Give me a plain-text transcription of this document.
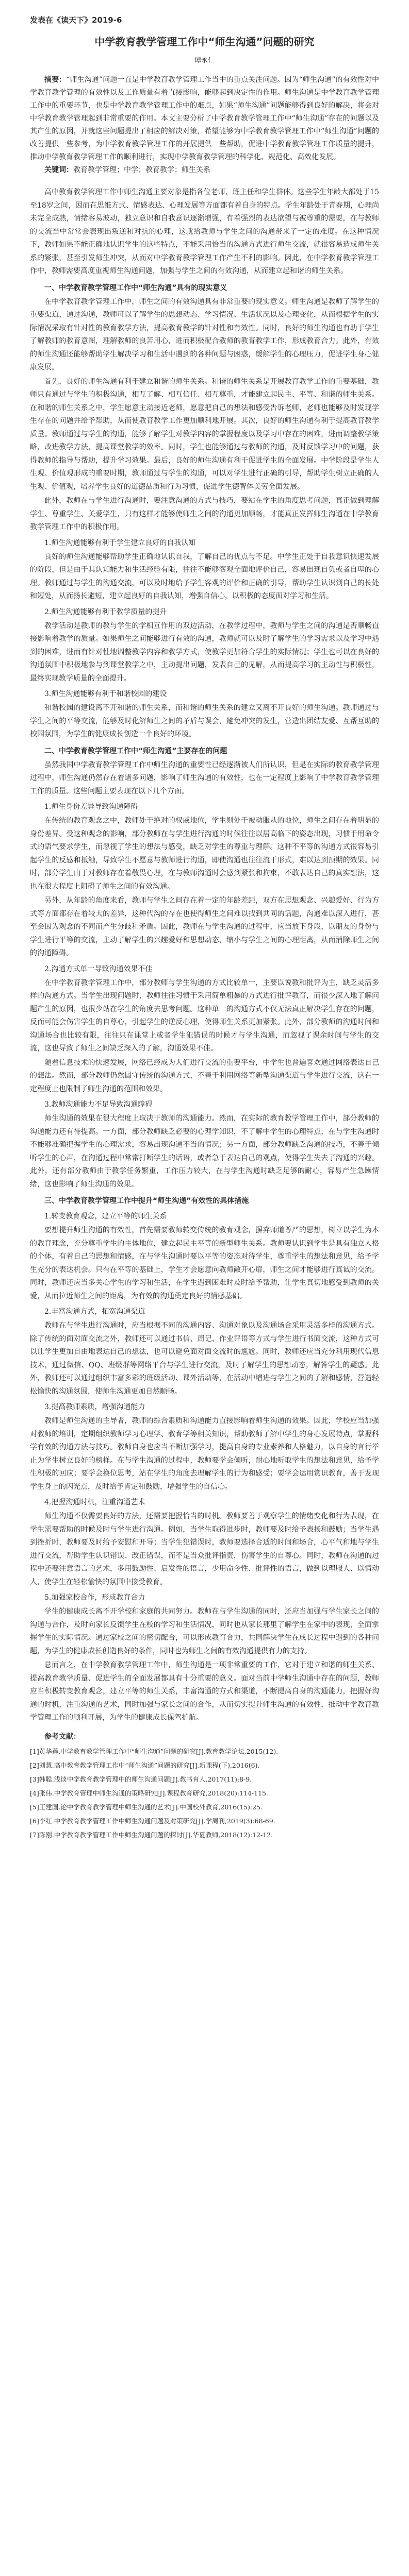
发表在《读天下》2019-6
中学教育教学管理工作中“师生沟通”问题的研究
谭永仁

摘要：“师生沟通”问题一直是中学教育教学管理工作当中的重点关注问题。因为“师生沟通”的有效性对中学教育教学管理的有效性以及工作质量有着直接影响，能够起到决定性的作用。师生沟通是中学教育教学管理工作中的重要环节，也是中学教育教学管理工作中的难点，如果“师生沟通”问题能够得到良好的解决，将会对中学教育教学管理起到非常重要的作用。本文主要分析了中学教育教学管理工作中“师生沟通”存在的问题以及其产生的原因，并就这些问题提出了相应的解决对策，希望能够为中学教育教学管理工作中“师生沟通”问题的改善提供一些参考，为中学教育教学管理工作的开展提供一些帮助，促进中学教育教学管理工作质量的提升，推动中学教育教学管理工作的顺利进行，实现中学教育教学管理的科学化、规范化、高效化发展。

关键词：教育教学管理；中学；教育教学；师生关系

高中教育教学管理工作中师生沟通主要对象是指各位老师、班主任和学生群体。这些学生年龄大都处于15至18岁之间，因而在思维方式、情感表达、心理发展等方面都有着自身的特点。学生年龄处于青春期，心理尚未完全成熟，情绪容易波动，独立意识和自我意识逐渐增强，有着强烈的表达欲望与被尊重的需要，在与教师的交流当中常常会表现出叛逆和对抗的心理，这就给教师与学生之间的沟通带来了一定的难度。在这种情况下，教师如果不能正确地认识学生的这些特点，不能采用恰当的沟通方式进行师生交流，就很容易造成师生关系的紧张，甚至引发师生冲突，从而对中学教育教学管理工作产生不利的影响。因此，在中学教育教学管理工作中，教师需要高度重视师生沟通问题，加强与学生之间的有效沟通，从而建立起和谐的师生关系。

一、中学教育教学管理工作中“师生沟通”具有的现实意义

在中学教育教学管理工作中，师生之间的有效沟通具有非常重要的现实意义。师生沟通是教师了解学生的重要渠道，通过沟通，教师可以了解学生的思想动态、学习情况、生活状况以及心理变化，从而根据学生的实际情况采取有针对性的教育教学方法，提高教育教学的针对性和有效性。同时，良好的师生沟通也有助于学生了解教师的教育意图，理解教师的良苦用心，进而积极配合教师的教育教学工作，形成教育合力。此外，有效的师生沟通还能够帮助学生解决学习和生活中遇到的各种问题与困惑，缓解学生的心理压力，促进学生身心健康发展。

首先，良好的师生沟通有利于建立和谐的师生关系。和谐的师生关系是开展教育教学工作的重要基础，教师只有通过与学生的积极沟通，相互了解、相互信任、相互尊重，才能建立起民主、平等、和谐的师生关系。在和谐的师生关系之中，学生愿意主动接近老师，愿意把自己的想法和感受告诉老师，老师也能够及时发现学生存在的问题并给予帮助，从而使教育教学工作更加顺利地开展。其次，良好的师生沟通有利于提高教育教学质量。教师通过与学生的沟通，能够了解学生对教学内容的掌握程度以及学习中存在的困难，进而调整教学策略，改进教学方法，提高课堂教学的效率。同时，学生也能够通过与教师的沟通，及时反馈学习中的问题，获得教师的指导与帮助，提升学习效果。最后，良好的师生沟通有利于促进学生的全面发展。中学阶段是学生人生观、价值观形成的重要时期，教师通过与学生的沟通，可以对学生进行正确的引导，帮助学生树立正确的人生观、价值观，培养学生良好的道德品质和行为习惯，促进学生德智体美劳全面发展。

此外，教师在与学生进行沟通时，要注意沟通的方式与技巧，要站在学生的角度思考问题，真正做到理解学生、尊重学生、关爱学生，只有这样才能够使师生之间的沟通更加顺畅，才能真正发挥师生沟通在中学教育教学管理工作中的积极作用。

1.师生沟通能够有利于学生建立良好的自我认知

良好的师生沟通能够帮助学生正确地认识自我，了解自己的优点与不足。中学生正处于自我意识快速发展的阶段，但是由于其认知能力和生活经验有限，往往不能够客观全面地评价自己，容易出现自负或者自卑的心理。教师通过与学生的沟通交流，可以及时地给予学生客观的评价和正确的引导，帮助学生认识到自己的长处和短处，从而扬长避短，建立起良好的自我认知，增强自信心，以积极的态度面对学习和生活。

2.师生沟通能够有利于教学质量的提升

教学活动是教师的教与学生的学相互作用的双边活动，在教学过程中，教师与学生之间的沟通是否顺畅直接影响着教学的质量。如果师生之间能够进行有效的沟通，教师就可以及时了解学生的学习需求以及学习中遇到的困难，进而有针对性地调整教学内容和教学方式，使教学更加符合学生的实际情况；学生也可以在良好的沟通氛围中积极地参与到课堂教学之中，主动提出问题，发表自己的见解，从而提高学习的主动性与积极性，最终实现教学质量的全面提升。

3.师生沟通能够有利于和谐校园的建设

和谐校园的建设离不开和谐的师生关系，而和谐的师生关系的建立又离不开良好的师生沟通。教师通过与学生之间的平等交流，能够及时化解师生之间的矛盾与误会，避免冲突的发生，营造出团结友爱、互帮互助的校园氛围，为学生的健康成长创造一个良好的环境。

二、中学教育教学管理工作中“师生沟通”主要存在的问题

虽然我国中学教育教学管理工作中师生沟通的重要性已经逐渐被人们所认识，但是在实际的教育教学管理过程中，师生沟通仍然存在着诸多问题，影响了师生沟通的有效性，也在一定程度上影响了中学教育教学管理工作的质量。这些问题主要表现在以下几个方面。

1.师生身份差异导致沟通障碍

在传统的教育观念之中，教师处于绝对的权威地位，学生则处于被动服从的地位，师生之间存在着明显的身份差异。受这种观念的影响，部分教师在与学生进行沟通的时候往往以居高临下的姿态出现，习惯于用命令式的语气要求学生，而忽视了学生的想法与感受，缺乏对学生的尊重与理解。这种不平等的沟通方式很容易引起学生的反感和抵触，导致学生不愿意与教师进行沟通，即使沟通也往往流于形式，难以达到预期的效果。同时，部分学生由于对教师存在着敬畏心理，在与教师沟通时会感到紧张和拘束，不敢表达自己的真实想法，这也在很大程度上阻碍了师生之间的有效沟通。

另外，从年龄的角度来看，教师与学生之间存在着一定的年龄差距，双方在思想观念、兴趣爱好、行为方式等方面都存在着较大的差异，这种代沟的存在也使得师生之间难以找到共同的话题，沟通难以深入进行，甚至会因为观念的不同而产生分歧和矛盾。因此，教师在与学生沟通的过程中，应当放下身段，以朋友的身份与学生进行平等的交流，主动了解学生的兴趣爱好和思想动态，缩小与学生之间的心理距离，从而消除师生之间的沟通障碍。

2.沟通方式单一导致沟通效果不佳

在中学教育教学管理工作中，部分教师与学生沟通的方式比较单一，主要以说教和批评为主，缺乏灵活多样的沟通方式。当学生出现问题时，教师往往习惯于采用简单粗暴的方式进行批评教育，而很少深入地了解问题产生的原因，也很少站在学生的角度去思考问题。这种单一的沟通方式不仅无法真正解决学生存在的问题，反而可能会伤害学生的自尊心，引起学生的逆反心理，使得师生关系更加紧张。此外，部分教师的沟通时间和沟通场合也比较有限，往往只在课堂上或者学生犯错误的时候才与学生沟通，而忽视了课余时间与学生的交流，这也导致了师生之间缺乏深入的了解，沟通效果不佳。

随着信息技术的快速发展，网络已经成为人们进行交流的重要平台，中学生也普遍喜欢通过网络表达自己的想法。然而，部分教师仍然固守传统的沟通方式，不善于利用网络等新型沟通渠道与学生进行交流，这在一定程度上也限制了师生沟通的范围和效果。

3.教师沟通能力不足导致沟通障碍

师生沟通的效果在很大程度上取决于教师的沟通能力。然而，在实际的教育教学管理工作中，部分教师的沟通能力还有待提高。一方面，部分教师缺乏必要的心理学知识，不了解中学生的心理特点，在与学生沟通时不能够准确把握学生的心理需求，容易出现沟通不当的情况；另一方面，部分教师缺乏沟通的技巧，不善于倾听学生的心声，在沟通过程中常常打断学生的话语，或者急于表达自己的观点，使得学生失去了沟通的兴趣。此外，还有部分教师由于教学任务繁重，工作压力较大，在与学生沟通时缺乏足够的耐心，容易产生急躁情绪，这也影响了师生沟通的效果。

三、中学教育教学管理工作中提升“师生沟通”有效性的具体措施
1.转变教育观念，建立平等的师生关系

要想提升师生沟通的有效性，首先需要教师转变传统的教育观念，摒弃师道尊严的思想，树立以学生为本的教育理念，充分尊重学生的主体地位，建立起民主平等的新型师生关系。教师要认识到学生是具有独立人格的个体，有着自己的思想和情感，在与学生沟通时要以平等的姿态对待学生，尊重学生的想法和意见，给予学生充分的表达机会。只有在平等的基础上，学生才会愿意向教师敞开心扉，师生之间才能够进行真诚的交流。同时，教师还应当多关心学生的学习和生活，在学生遇到困难时及时给予帮助，让学生真切地感受到教师的关爱，从而拉近师生之间的距离，为有效的沟通奠定良好的情感基础。

2.丰富沟通方式，拓宽沟通渠道

教师在与学生进行沟通时，应当根据不同的沟通内容、沟通对象以及沟通场合采用灵活多样的沟通方式。除了传统的面对面交流之外，教师还可以通过书信、周记、作业评语等方式与学生进行书面交流，这种方式可以让学生更加自由地表达自己的想法，也可以避免面对面交流时的尴尬。同时，教师还应当充分利用现代信息技术，通过微信、QQ、班级群等网络平台与学生进行交流，及时了解学生的思想动态，解答学生的疑惑。此外，教师还可以通过组织丰富多彩的班级活动、课外活动等，在活动中增进与学生之间的了解和感情，营造轻松愉快的沟通氛围，使师生沟通更加自然顺畅。

3.提高教师素质，增强沟通能力

教师是师生沟通的主导者，教师的综合素质和沟通能力直接影响着师生沟通的效果。因此，学校应当加强对教师的培训，定期组织教师学习心理学、教育学等相关知识，帮助教师了解中学生的身心发展特点，掌握科学有效的沟通方法与技巧。教师自身也应当不断加强学习，提高自身的专业素养和人格魅力，以自身的言行举止为学生树立良好的榜样。在与学生沟通的过程中，教师要学会倾听，耐心地听取学生的想法和意见，给予学生积极的回应；要学会换位思考，站在学生的角度去理解学生的行为和感受；要学会运用赏识教育，善于发现学生身上的闪光点，及时给予肯定和鼓励，增强学生的自信心。

4.把握沟通时机，注重沟通艺术

师生沟通不仅需要良好的方法，还需要把握恰当的时机。教师要善于观察学生的情绪变化和行为表现，在学生需要帮助的时候及时与学生进行沟通。例如，当学生取得进步时，教师要及时给予表扬和鼓励；当学生遇到挫折时，教师要及时给予安慰和开导；当学生犯错误时，教师要选择合适的时间和场合，心平气和地与学生进行交流，帮助学生认识错误、改正错误，而不是当众批评指责，伤害学生的自尊心。同时，教师在沟通的过程中还要注意语言的艺术，多用鼓励性、启发性的语言，少用命令性、批评性的语言，做到以理服人、以情动人，使学生在轻松愉快的氛围中接受教育。

5.加强家校合作，形成教育合力

学生的健康成长离不开学校和家庭的共同努力。教师在与学生沟通的同时，还应当加强与学生家长之间的沟通与合作，及时向家长反馈学生在校的学习和生活情况，同时也从家长那里了解学生在家中的表现，全面掌握学生的实际情况。通过家校之间的密切配合，可以形成教育合力，共同解决学生在成长过程中遇到的各种问题，为学生的健康成长创造良好的条件，同时也为师生之间的有效沟通提供有力的支持。

总而言之，在中学教育教学管理工作中，师生沟通是一项非常重要的工作，它对于建立和谐的师生关系、提高教育教学质量、促进学生的全面发展都具有十分重要的意义。面对当前中学师生沟通中存在的问题，教师应当积极转变教育观念，建立平等的师生关系，丰富沟通的方式和渠道，不断提高自身的沟通能力，把握好沟通的时机，注重沟通的艺术，同时加强与家长之间的合作，从而切实提升师生沟通的有效性，推动中学教育教学管理工作的顺利开展，为学生的健康成长保驾护航。

参考文献：
[1]黄华莲.中学教育教学管理工作中“师生沟通”问题的研究[J].教育教学论坛,2015(12).
[2]刘慧.高中教育教学管理工作中“师生沟通”问题的研究[J].新课程(下),2016(6).
[3]韩聪.浅谈中学教育教学管理中的师生沟通问题[J].教书育人,2017(11):8-9.
[4]张伟.中学教育管理中师生沟通的策略研究[J].课程教育研究,2018(20):114-115.
[5]王建国.论中学教育教学管理中师生沟通的艺术[J].中国校外教育,2016(15):25.
[6]李红.中学教育教学管理工作中师生沟通问题及对策研究[J].学周刊,2019(3):68-69.
[7]陈刚.中学教育教学管理工作中师生沟通问题的探讨[J].华夏教师,2018(12):12-12.
